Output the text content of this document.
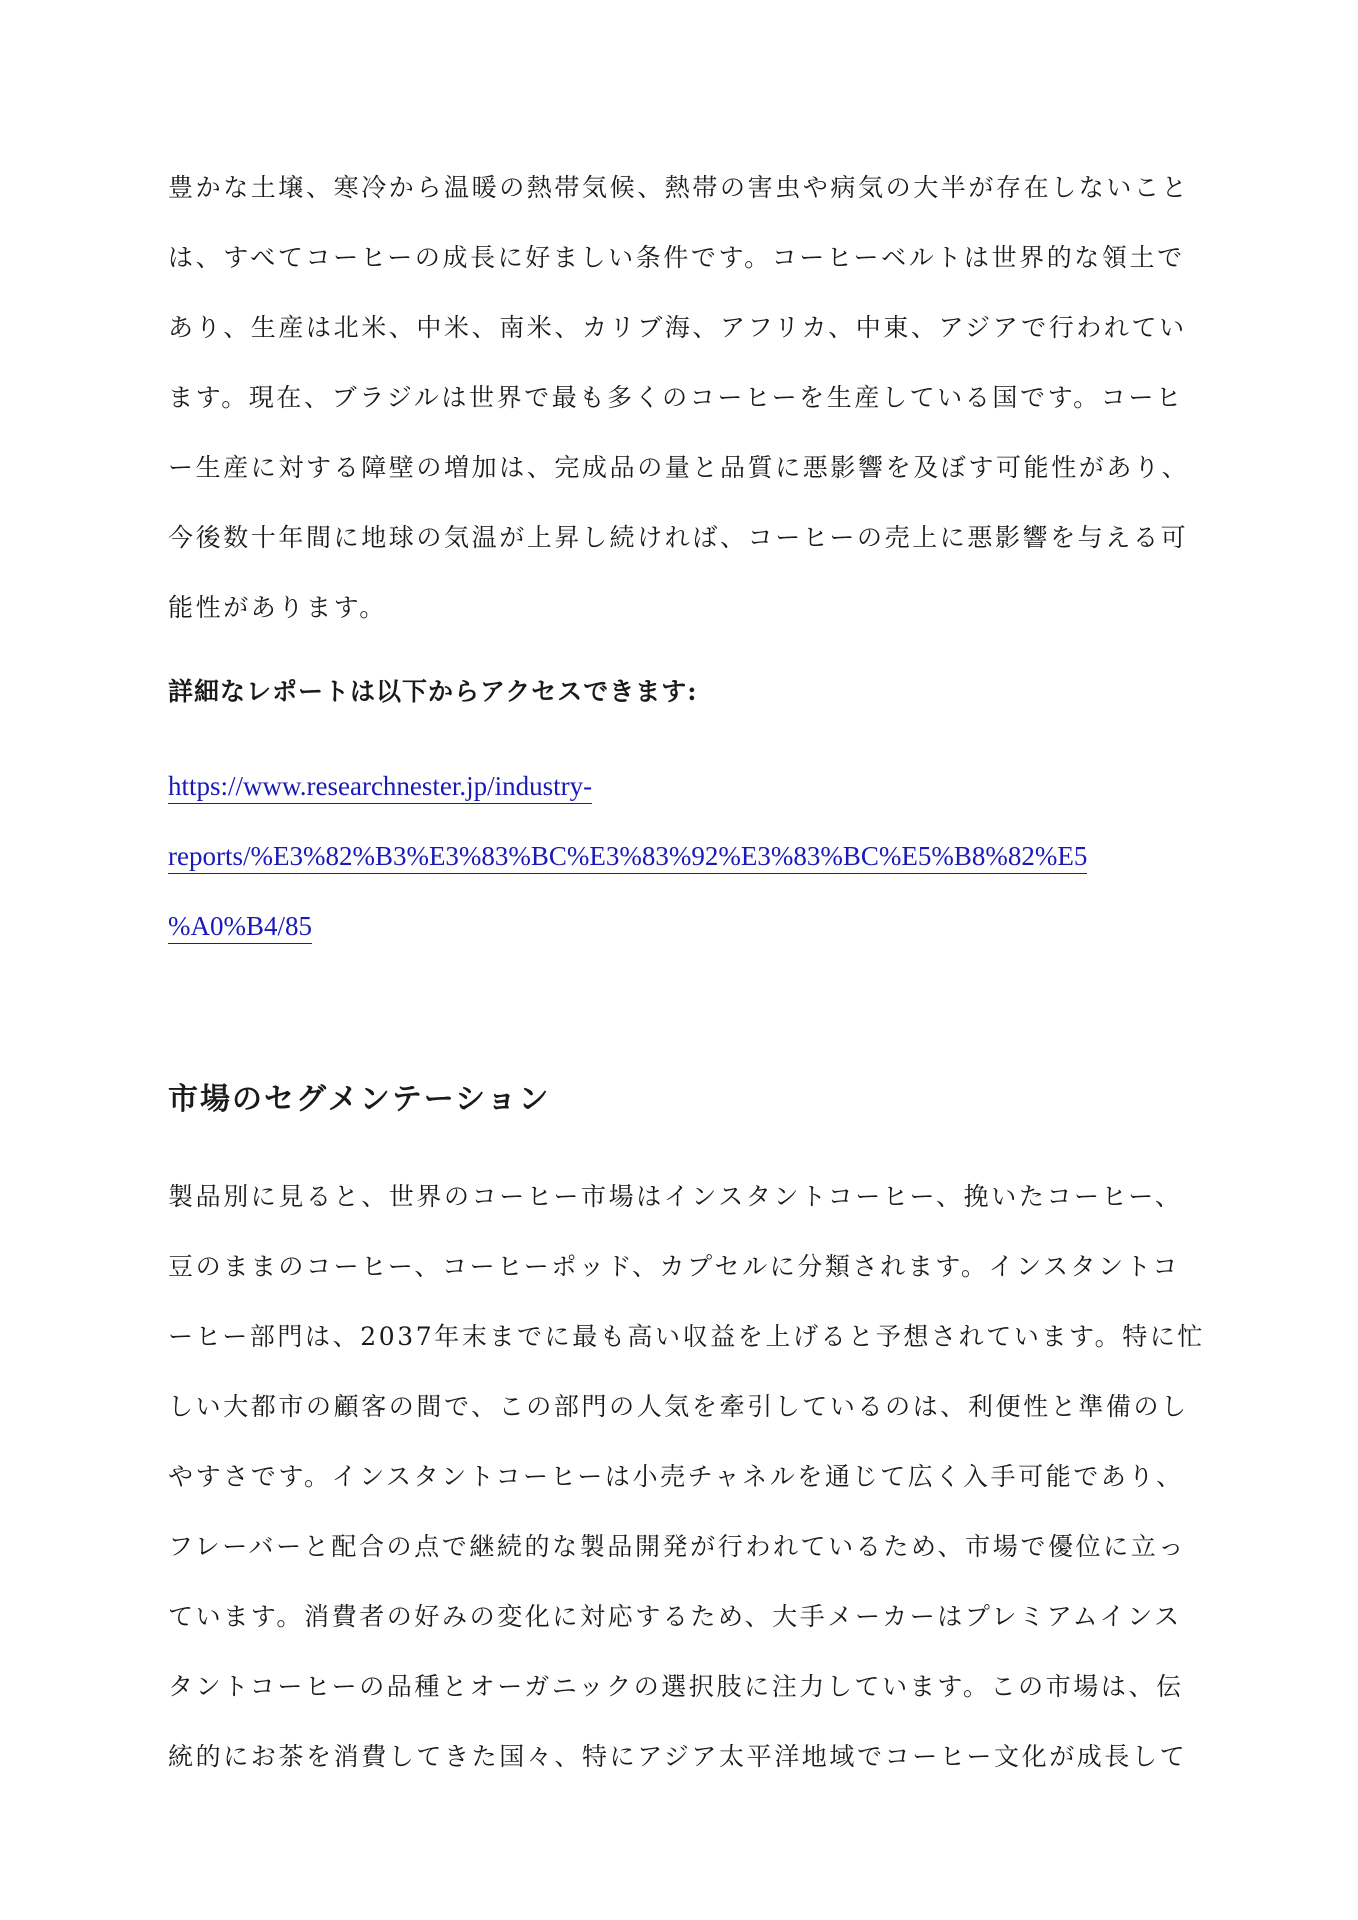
豊かな土壌、寒冷から温暖の熱帯気候、熱帯の害虫や病気の大半が存在しないこと
は、すべてコーヒーの成長に好ましい条件です。コーヒーベルトは世界的な領土で
あり、生産は北米、中米、南米、カリブ海、アフリカ、中東、アジアで行われてい
ます。現在、ブラジルは世界で最も多くのコーヒーを生産している国です。コーヒ
ー生産に対する障壁の増加は、完成品の量と品質に悪影響を及ぼす可能性があり、
今後数十年間に地球の気温が上昇し続ければ、コーヒーの売上に悪影響を与える可
能性があります。

詳細なレポートは以下からアクセスできます:

https://www.researchnester.jp/industry-
reports/%E3%82%B3%E3%83%BC%E3%83%92%E3%83%BC%E5%B8%82%E5
%A0%B4/85
市場のセグメンテーション
製品別に見ると、世界のコーヒー市場はインスタントコーヒー、挽いたコーヒー、
豆のままのコーヒー、コーヒーポッド、カプセルに分類されます。インスタントコ
ーヒー部門は、2037年末までに最も高い収益を上げると予想されています。特に忙
しい大都市の顧客の間で、この部門の人気を牽引しているのは、利便性と準備のし
やすさです。インスタントコーヒーは小売チャネルを通じて広く入手可能であり、
フレーバーと配合の点で継続的な製品開発が行われているため、市場で優位に立っ
ています。消費者の好みの変化に対応するため、大手メーカーはプレミアムインス
タントコーヒーの品種とオーガニックの選択肢に注力しています。この市場は、伝
統的にお茶を消費してきた国々、特にアジア太平洋地域でコーヒー文化が成長して
